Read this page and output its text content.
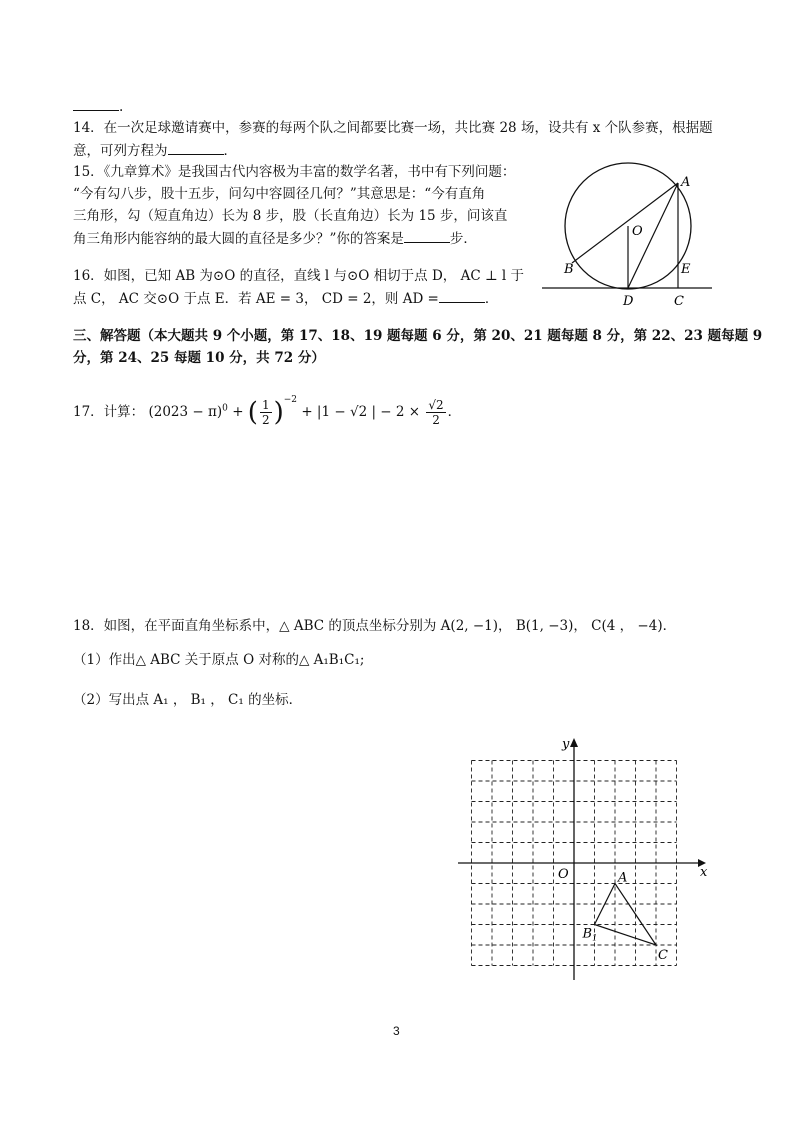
.
14．在一次足球邀请赛中，参赛的每两个队之间都要比赛一场，共比赛 28 场，设共有 x 个队参赛，根据题
意，可列方程为	．
15．《九章算术》是我国古代内容极为丰富的数学名著，书中有下列问题：
“今有勾八步，股十五步，问勾中容圆径几何？”其意思是：“今有直角
三角形，勾（短直角边）长为 8 步，股（长直角边）长为 15 步，问该直
角三角形内能容纳的最大圆的直径是多少？”你的答案是	步．
16．如图，已知 AB 为⊙O 的直径，直线 l 与⊙O 相切于点 D， AC ⊥ l 于
点 C， AC 交⊙O 于点 E．若 AE = 3， CD = 2，则 AD =	．
A
O
B	E
D	C
三、解答题（本大题共 9 个小题，第 17、18、19 题每题 6 分，第 20、21 题每题 8 分，第 22、23 题每题 9
分，第 24、25 每题 10 分，共 72 分）
17．计算： $(2023 - \pi)^0$ + ( $\frac{1}{2} )^{-2} + |1 - √2$ | − $2 \times \frac{√2}{2}$ ．
18．如图，在平面直角坐标系中，△ ABC 的顶点坐标分别为 A(2, −1)， B(1, −3)， C(4 ， −4)．
（1）作出△ ABC 关于原点 O 对称的△ A₁B₁C₁;
（2）写出点 A₁ ， B₁ ， C₁ 的坐标．
x
y
O	A
$B_1$
C
3
